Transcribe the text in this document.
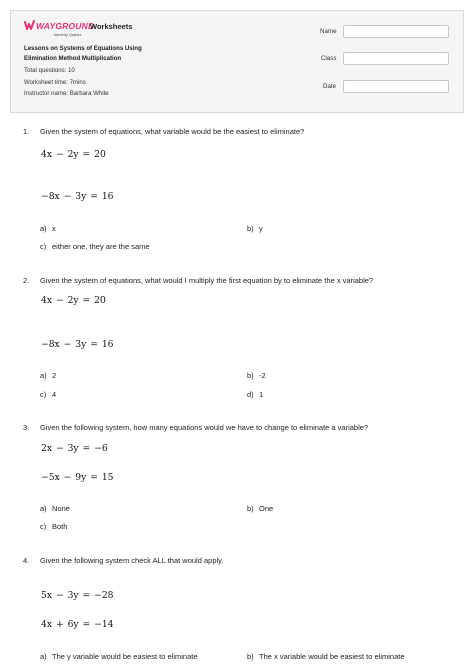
WAYGROUND
formerly Quizizz
Worksheets
Lessons on Systems of Equations Using
Elimination Method Multiplication
Total questions: 10
Worksheet time: 7mins
Instructor name: Barbara White
Name
Class
Date
1. Given the system of equations, what variable would be the easiest to eliminate?
4x − 2y = 20
−8x − 3y = 16
a) x	b) y
c) either one, they are the same
2. Given the system of equations, what would I multiply the first equation by to eliminate the x variable?
4x − 2y = 20
−8x − 3y = 16
a) 2	b) -2
c) 4	d) 1
3. Given the following system, how many equations would we have to change to eliminate a variable?
2x − 3y = −6
−5x − 9y = 15
a) None	b) One
c) Both
4. Given the following system check ALL that would apply.
5x − 3y = −28
4x + 6y = −14
a) The y variable would be easiest to eliminate	b) The x variable would be easiest to eliminate
